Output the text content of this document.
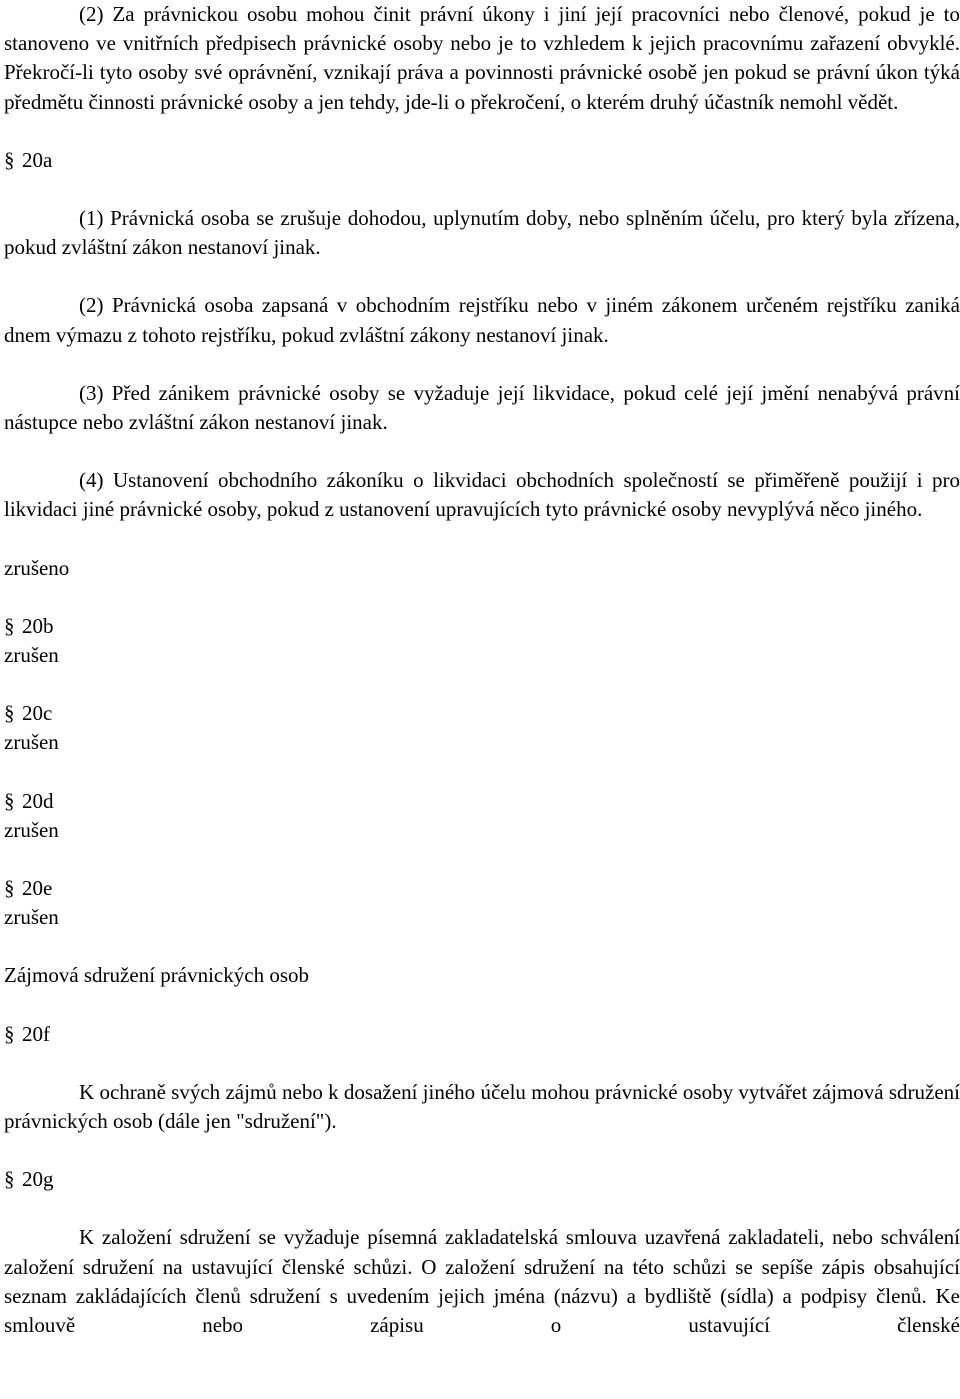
(2) Za právnickou osobu mohou činit právní úkony i jiní její pracovníci nebo členové, pokud je to stanoveno ve vnitřních předpisech právnické osoby nebo je to vzhledem k jejich pracovnímu zařazení obvyklé. Překročí-li tyto osoby své oprávnění, vznikají práva a povinnosti právnické osobě jen pokud se právní úkon týká předmětu činnosti právnické osoby a jen tehdy, jde-li o překročení, o kterém druhý účastník nemohl vědět.

§ 20a

(1) Právnická osoba se zrušuje dohodou, uplynutím doby, nebo splněním účelu, pro který byla zřízena, pokud zvláštní zákon nestanoví jinak.

(2) Právnická osoba zapsaná v obchodním rejstříku nebo v jiném zákonem určeném rejstříku zaniká dnem výmazu z tohoto rejstříku, pokud zvláštní zákony nestanoví jinak.

(3) Před zánikem právnické osoby se vyžaduje její likvidace, pokud celé její jmění nenabývá právní nástupce nebo zvláštní zákon nestanoví jinak.

(4) Ustanovení obchodního zákoníku o likvidaci obchodních společností se přiměřeně použijí i pro likvidaci jiné právnické osoby, pokud z ustanovení upravujících tyto právnické osoby nevyplývá něco jiného.

zrušeno

§ 20b

zrušen

§ 20c

zrušen

§ 20d

zrušen

§ 20e

zrušen

Zájmová sdružení právnických osob

§ 20f

K ochraně svých zájmů nebo k dosažení jiného účelu mohou právnické osoby vytvářet zájmová sdružení právnických osob (dále jen "sdružení").

§ 20g

K založení sdružení se vyžaduje písemná zakladatelská smlouva uzavřená zakladateli, nebo schválení založení sdružení na ustavující členské schůzi. O založení sdružení na této schůzi se sepíše zápis obsahující seznam zakládajících členů sdružení s uvedením jejich jména (názvu) a bydliště (sídla) a podpisy členů. Ke smlouvě nebo zápisu o ustavující členské
